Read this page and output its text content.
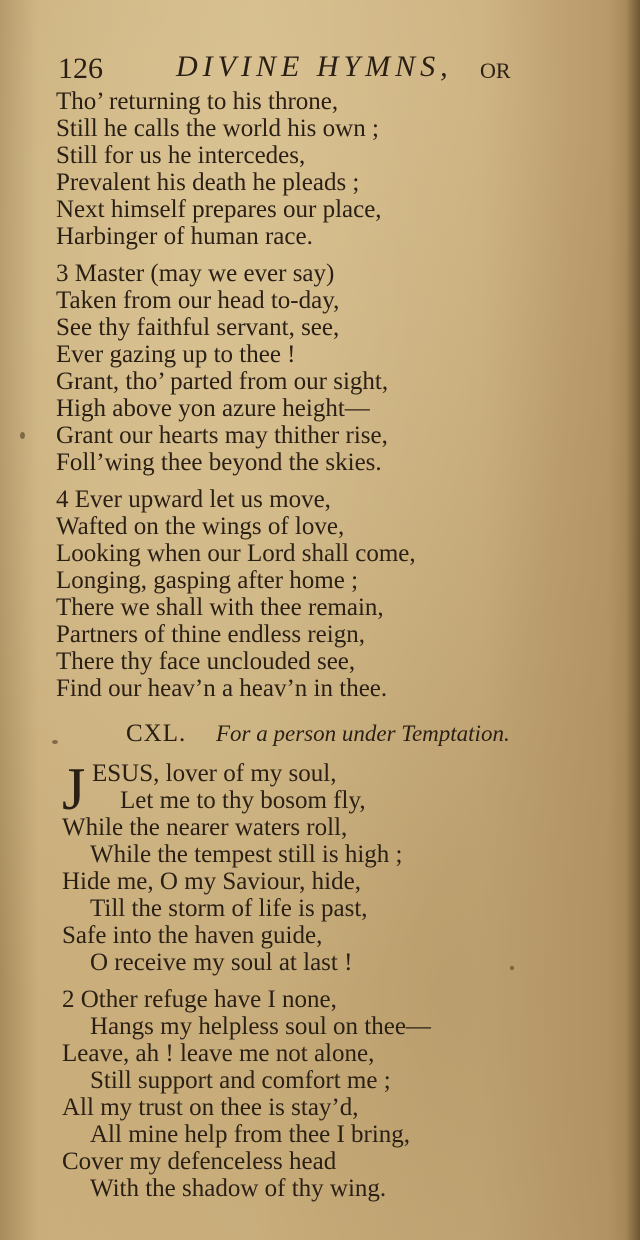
126 DIVINE HYMNS, OR
Tho’ returning to his throne,
Still he calls the world his own ;
Still for us he intercedes,
Prevalent his death he pleads ;
Next himself prepares our place,
Harbinger of human race.
3 Master (may we ever say)
Taken from our head to-day,
See thy faithful servant, see,
Ever gazing up to thee !
Grant, tho’ parted from our sight,
High above yon azure height—
Grant our hearts may thither rise,
Foll’wing thee beyond the skies.
4 Ever upward let us move,
Wafted on the wings of love,
Looking when our Lord shall come,
Longing, gasping after home ;
There we shall with thee remain,
Partners of thine endless reign,
There thy face unclouded see,
Find our heav’n a heav’n in thee.
CXL. For a person under Temptation.
J ESUS, lover of my soul,
Let me to thy bosom fly,
While the nearer waters roll,
While the tempest still is high ;
Hide me, O my Saviour, hide,
Till the storm of life is past,
Safe into the haven guide,
O receive my soul at last !
2 Other refuge have I none,
Hangs my helpless soul on thee—
Leave, ah ! leave me not alone,
Still support and comfort me ;
All my trust on thee is stay’d,
All mine help from thee I bring,
Cover my defenceless head
With the shadow of thy wing.
